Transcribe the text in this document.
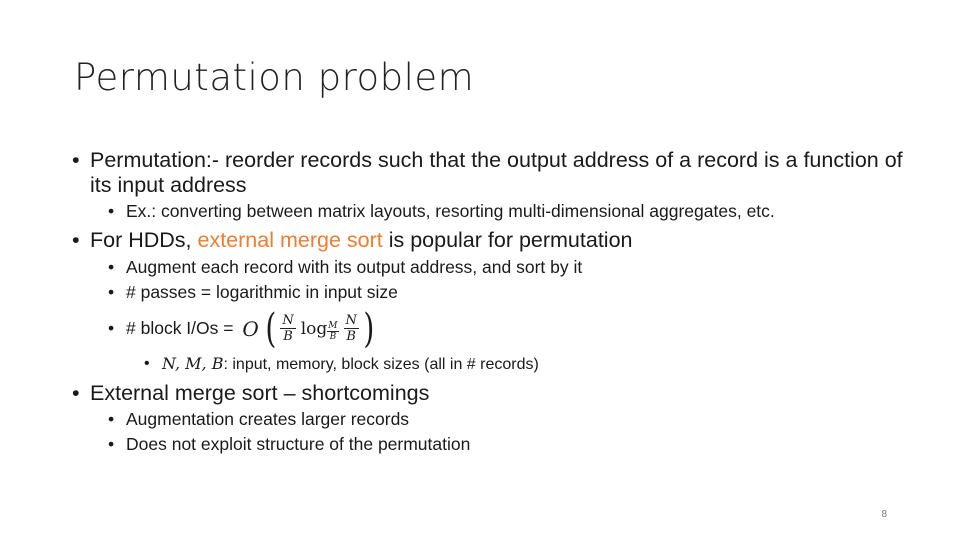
Permutation problem
• Permutation:- reorder records such that the output address of a record is a function of its input address
• Ex.: converting between matrix layouts, resorting multi-dimensional aggregates, etc.
• For HDDs, external merge sort is popular for permutation
• Augment each record with its output address, and sort by it
• # passes = logarithmic in input size
• # block I/Os = O ( $\frac{N}{B}$ $\log \frac{M}{B} \frac{N}{B}$ )
• N, M, B: input, memory, block sizes (all in # records)
• External merge sort – shortcomings
• Augmentation creates larger records
• Does not exploit structure of the permutation
8
